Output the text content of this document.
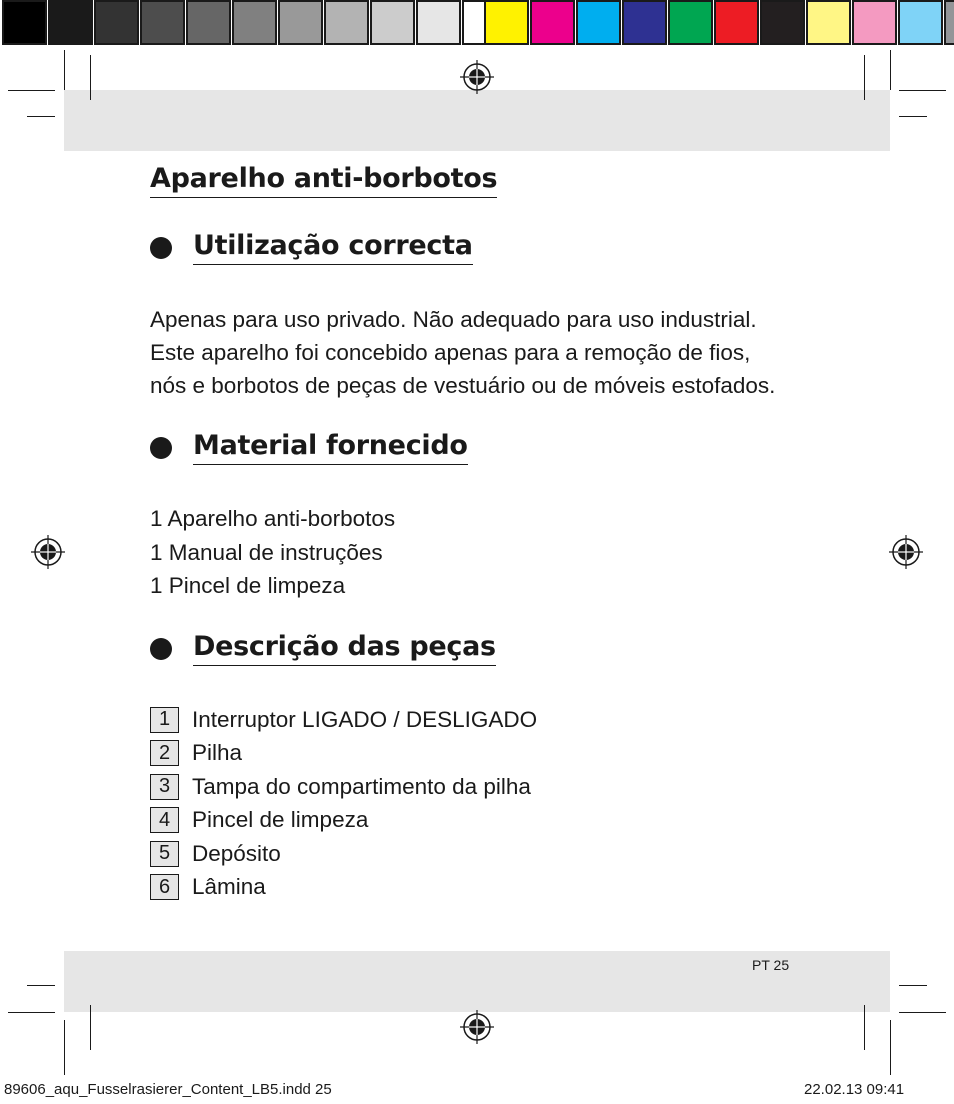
Aparelho anti-borbotos
Utilização correcta

Apenas para uso privado. Não adequado para uso industrial.
Este aparelho foi concebido apenas para a remoção de fios,
nós e borbotos de peças de vestuário ou de móveis estofados.

Material fornecido
1 Aparelho anti-borbotos
1 Manual de instruções
1 Pincel de limpeza
Descrição das peças
1 Interruptor LIGADO / DESLIGADO
2 Pilha
3 Tampa do compartimento da pilha
4 Pincel de limpeza
5 Depósito
6 Lâmina
PT 25
89606_aqu_Fusselrasierer_Content_LB5.indd 25	22.02.13 09:41
